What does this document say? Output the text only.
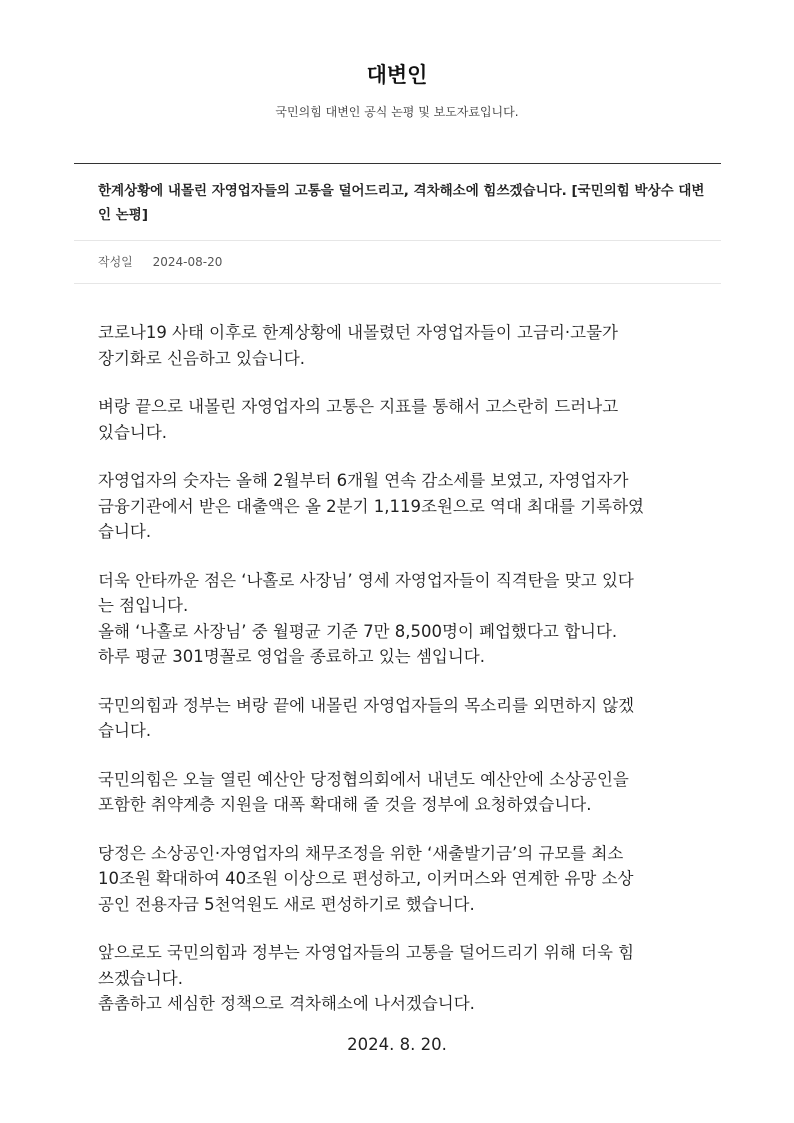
대변인
국민의힘 대변인 공식 논평 및 보도자료입니다.
한계상황에 내몰린 자영업자들의 고통을 덜어드리고, 격차해소에 힘쓰겠습니다. [국민의힘 박상수 대변인 논평]
작성일 2024-08-20

코로나19 사태 이후로 한계상황에 내몰렸던 자영업자들이 고금리·고물가
장기화로 신음하고 있습니다.

벼랑 끝으로 내몰린 자영업자의 고통은 지표를 통해서 고스란히 드러나고
있습니다.

자영업자의 숫자는 올해 2월부터 6개월 연속 감소세를 보였고, 자영업자가
금융기관에서 받은 대출액은 올 2분기 1,119조원으로 역대 최대를 기록하였
습니다.

더욱 안타까운 점은 ‘나홀로 사장님’ 영세 자영업자들이 직격탄을 맞고 있다
는 점입니다.
올해 ‘나홀로 사장님’ 중 월평균 기준 7만 8,500명이 폐업했다고 합니다.
하루 평균 301명꼴로 영업을 종료하고 있는 셈입니다.

국민의힘과 정부는 벼랑 끝에 내몰린 자영업자들의 목소리를 외면하지 않겠
습니다.

국민의힘은 오늘 열린 예산안 당정협의회에서 내년도 예산안에 소상공인을
포함한 취약계층 지원을 대폭 확대해 줄 것을 정부에 요청하였습니다.

당정은 소상공인·자영업자의 채무조정을 위한 ‘새출발기금’의 규모를 최소
10조원 확대하여 40조원 이상으로 편성하고, 이커머스와 연계한 유망 소상
공인 전용자금 5천억원도 새로 편성하기로 했습니다.

앞으로도 국민의힘과 정부는 자영업자들의 고통을 덜어드리기 위해 더욱 힘
쓰겠습니다.
촘촘하고 세심한 정책으로 격차해소에 나서겠습니다.

2024. 8. 20.
